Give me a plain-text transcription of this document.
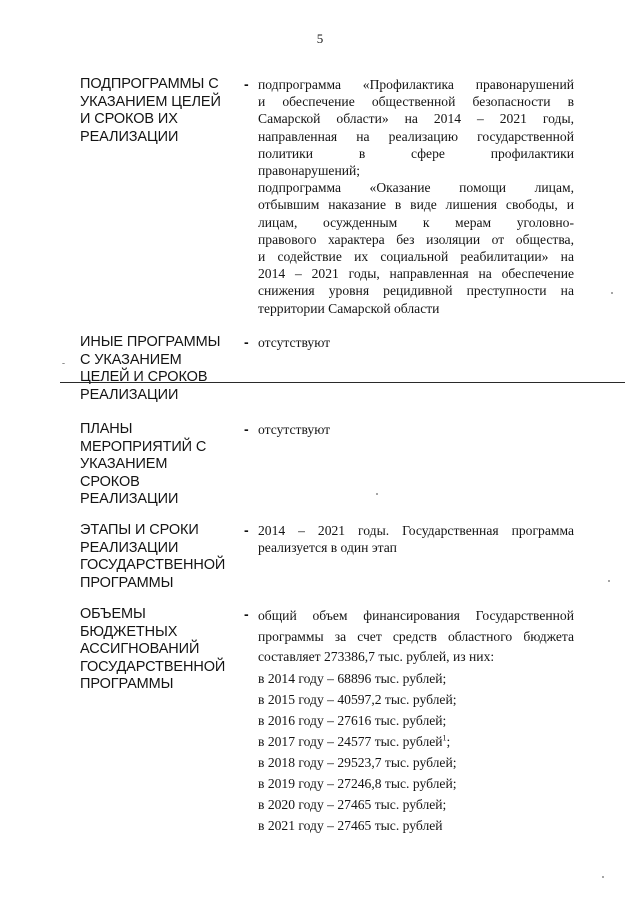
5
ПОДПРОГРАММЫ С
УКАЗАНИЕМ ЦЕЛЕЙ
И СРОКОВ ИХ
РЕАЛИЗАЦИИ
- подпрограмма «Профилактика правонарушений
и обеспечение общественной безопасности в
Самарской области» на 2014 – 2021 годы,
направленная на реализацию государственной
политики в сфере профилактики
правонарушений;
подпрограмма «Оказание помощи лицам,
отбывшим наказание в виде лишения свободы, и
лицам, осужденным к мерам уголовно-
правового характера без изоляции от общества,
и содействие их социальной реабилитации» на
2014 – 2021 годы, направленная на обеспечение
снижения уровня рецидивной преступности на
территории Самарской области
ИНЫЕ ПРОГРАММЫ
С УКАЗАНИЕМ
ЦЕЛЕЙ И СРОКОВ
РЕАЛИЗАЦИИ
- отсутствуют
ПЛАНЫ
МЕРОПРИЯТИЙ С
УКАЗАНИЕМ
СРОКОВ
РЕАЛИЗАЦИИ
- отсутствуют
ЭТАПЫ И СРОКИ
РЕАЛИЗАЦИИ
ГОСУДАРСТВЕННОЙ
ПРОГРАММЫ
- 2014 – 2021 годы. Государственная программа
реализуется в один этап
ОБЪЕМЫ
БЮДЖЕТНЫХ
АССИГНОВАНИЙ
ГОСУДАРСТВЕННОЙ
ПРОГРАММЫ
- общий объем финансирования Государственной
программы за счет средств областного бюджета
составляет 273386,7 тыс. рублей, из них:
в 2014 году – 68896 тыс. рублей;
в 2015 году – 40597,2 тыс. рублей;
в 2016 году – 27616 тыс. рублей;
в 2017 году – 24577 тыс. рублей$^1$;
в 2018 году – 29523,7 тыс. рублей;
в 2019 году – 27246,8 тыс. рублей;
в 2020 году – 27465 тыс. рублей;
в 2021 году – 27465 тыс. рублей
